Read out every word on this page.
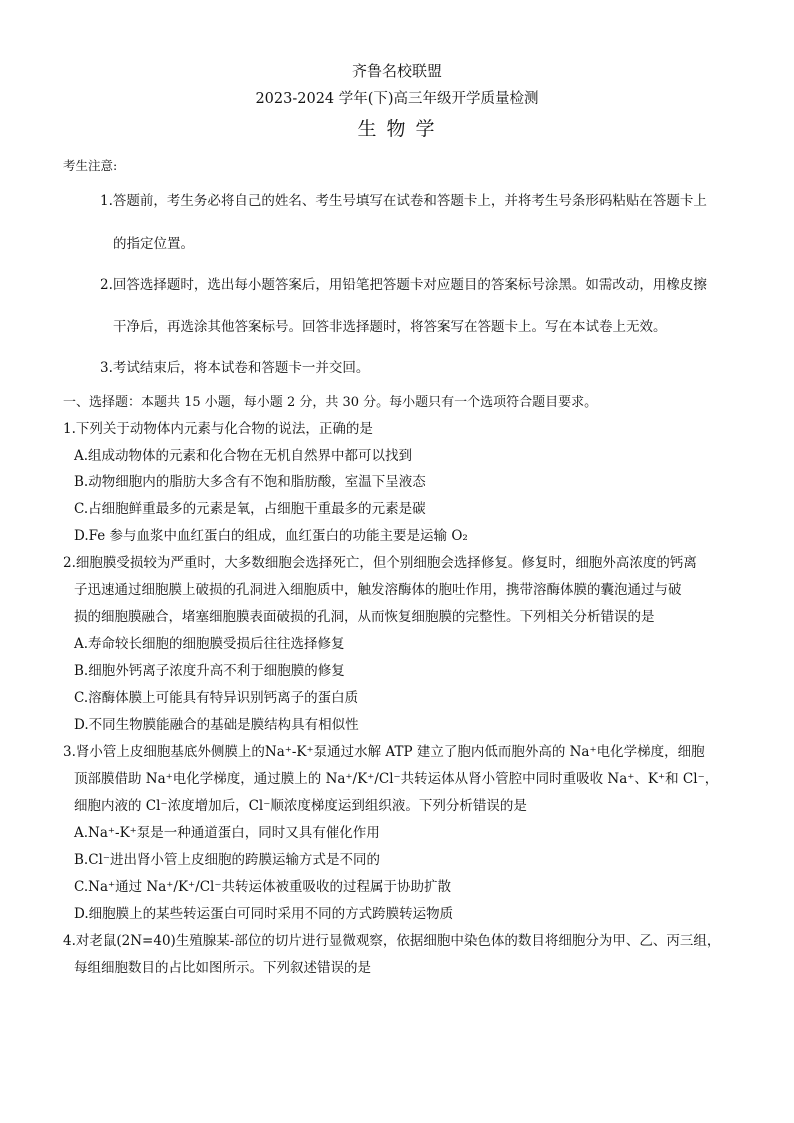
齐鲁名校联盟
2023-2024 学年(下)高三年级开学质量检测
生 物 学
考生注意:
1.答题前，考生务必将自己的姓名、考生号填写在试卷和答题卡上，并将考生号条形码粘贴在答题卡上
的指定位置。
2.回答选择题时，选出每小题答案后，用铅笔把答题卡对应题目的答案标号涂黑。如需改动，用橡皮擦
干净后，再选涂其他答案标号。回答非选择题时，将答案写在答题卡上。写在本试卷上无效。
3.考试结束后，将本试卷和答题卡一并交回。
一、选择题：本题共 15 小题，每小题 2 分，共 30 分。每小题只有一个选项符合题目要求。
1.下列关于动物体内元素与化合物的说法，正确的是
A.组成动物体的元素和化合物在无机自然界中都可以找到
B.动物细胞内的脂肪大多含有不饱和脂肪酸，室温下呈液态
C.占细胞鲜重最多的元素是氧，占细胞干重最多的元素是碳
D.Fe 参与血浆中血红蛋白的组成，血红蛋白的功能主要是运输 O₂
2.细胞膜受损较为严重时，大多数细胞会选择死亡，但个别细胞会选择修复。修复时，细胞外高浓度的钙离
子迅速通过细胞膜上破损的孔洞进入细胞质中，触发溶酶体的胞吐作用，携带溶酶体膜的囊泡通过与破
损的细胞膜融合，堵塞细胞膜表面破损的孔洞，从而恢复细胞膜的完整性。下列相关分析错误的是
A.寿命较长细胞的细胞膜受损后往往选择修复
B.细胞外钙离子浓度升高不利于细胞膜的修复
C.溶酶体膜上可能具有特异识别钙离子的蛋白质
D.不同生物膜能融合的基础是膜结构具有相似性
3.肾小管上皮细胞基底外侧膜上的Na⁺-K⁺泵通过水解 ATP 建立了胞内低而胞外高的 Na⁺电化学梯度，细胞
顶部膜借助 Na⁺电化学梯度，通过膜上的 Na⁺/K⁺/Cl⁻共转运体从肾小管腔中同时重吸收 Na⁺、K⁺和 Cl⁻，
细胞内液的 Cl⁻浓度增加后，Cl⁻顺浓度梯度运到组织液。下列分析错误的是
A.Na⁺-K⁺泵是一种通道蛋白，同时又具有催化作用
B.Cl⁻进出肾小管上皮细胞的跨膜运输方式是不同的
C.Na⁺通过 Na⁺/K⁺/Cl⁻共转运体被重吸收的过程属于协助扩散
D.细胞膜上的某些转运蛋白可同时采用不同的方式跨膜转运物质
4.对老鼠(2N=40)生殖腺某-部位的切片进行显微观察，依据细胞中染色体的数目将细胞分为甲、乙、丙三组，
每组细胞数目的占比如图所示。下列叙述错误的是
